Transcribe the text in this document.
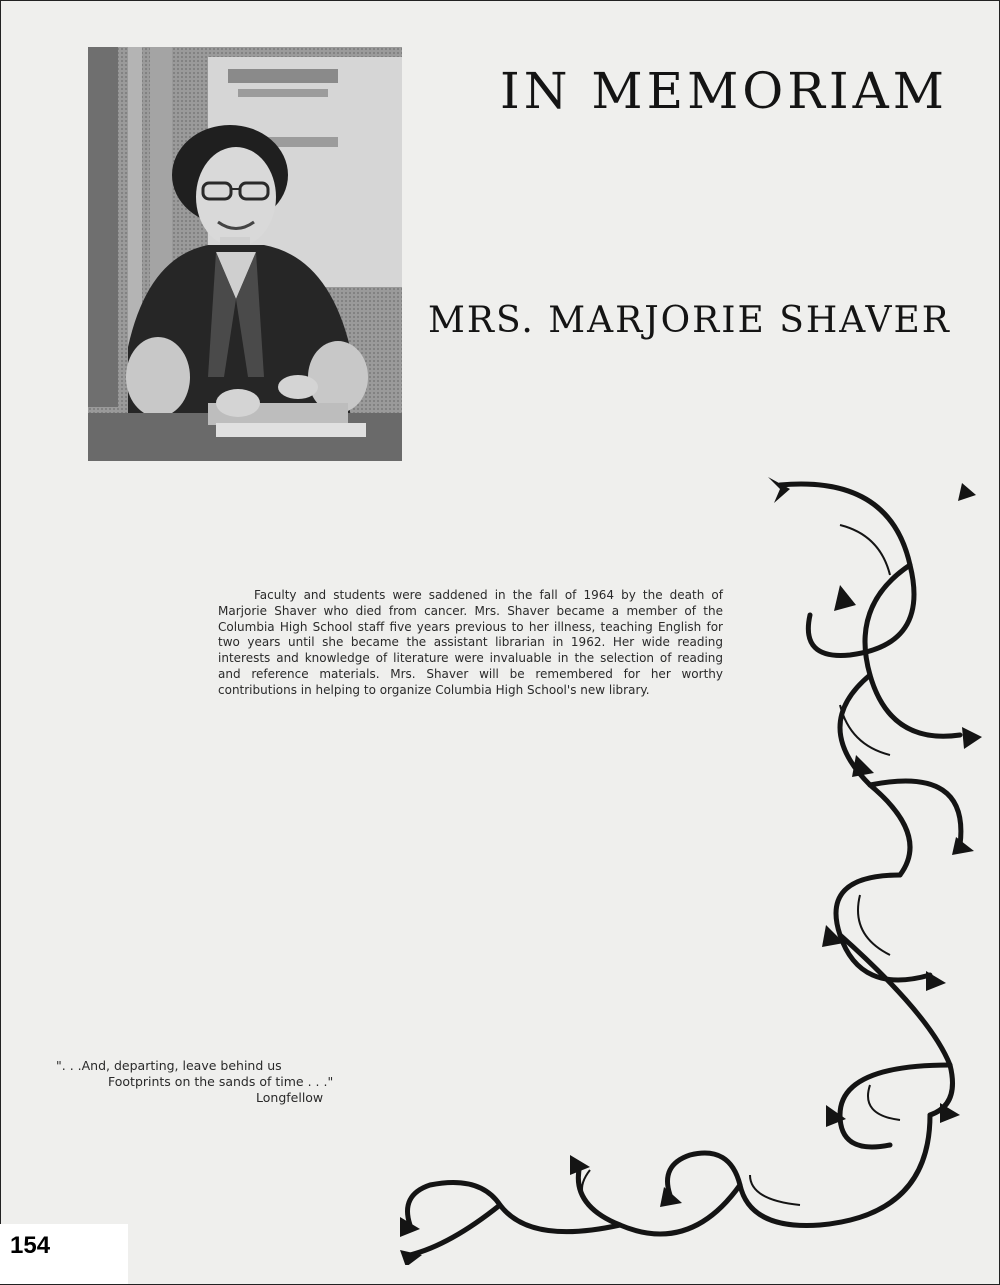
IN MEMORIAM
MRS. MARJORIE SHAVER

Faculty and students were saddened in the fall of 1964 by the death of Marjorie Shaver who died from cancer. Mrs. Shaver became a member of the Columbia High School staff five years previous to her illness, teaching English for two years until she became the assistant librarian in 1962. Her wide reading interests and knowledge of literature were invaluable in the selection of reading and reference materials. Mrs. Shaver will be remembered for her worthy contributions in helping to organize Columbia High School's new library.

". . .And, departing, leave behind us
Footprints on the sands of time . . ."
Longfellow
154
